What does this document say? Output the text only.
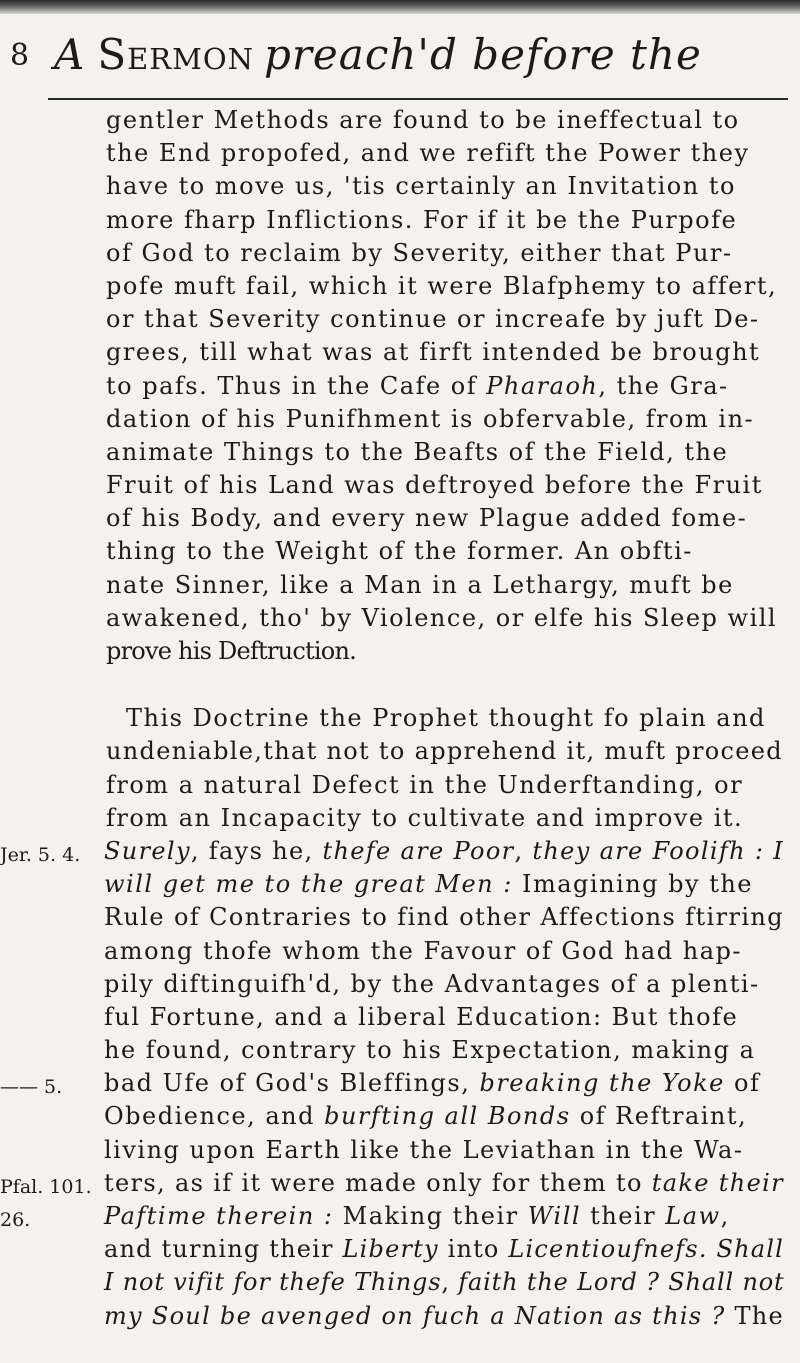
8 A Sermon preach'd before the
gentler Methods are found to be ineffectual to
the End propofed, and we refift the Power they
have to move us, 'tis certainly an Invitation to
more fharp Inflictions. For if it be the Purpofe
of God to reclaim by Severity, either that Pur-
pofe muft fail, which it were Blafphemy to affert,
or that Severity continue or increafe by juft De-
grees, till what was at firft intended be brought
to pafs. Thus in the Cafe of Pharaoh, the Gra-
dation of his Punifhment is obfervable, from in-
animate Things to the Beafts of the Field, the
Fruit of his Land was deftroyed before the Fruit
of his Body, and every new Plague added fome-
thing to the Weight of the former. An obfti-
nate Sinner, like a Man in a Lethargy, muft be
awakened, tho' by Violence, or elfe his Sleep will
prove his Deftruction.
This Doctrine the Prophet thought fo plain and
undeniable,that not to apprehend it, muft proceed
from a natural Defect in the Underftanding, or
from an Incapacity to cultivate and improve it.
Jer. 5. 4. Surely, fays he, thefe are Poor, they are Foolifh : I
will get me to the great Men : Imagining by the
Rule of Contraries to find other Affections ftirring
among thofe whom the Favour of God had hap-
pily diftinguifh'd, by the Advantages of a plenti-
ful Fortune, and a liberal Education: But thofe
he found, contrary to his Expectation, making a
—— 5. bad Ufe of God's Bleffings, breaking the Yoke of
Obedience, and burfting all Bonds of Reftraint,
living upon Earth like the Leviathan in the Wa-
Pfal. 101. ters, as if it were made only for them to take their
26.	Paftime therein : Making their Will their Law,
and turning their Liberty into Licentioufnefs. Shall
I not vifit for thefe Things, faith the Lord ? Shall not
my Soul be avenged on fuch a Nation as this ? The
